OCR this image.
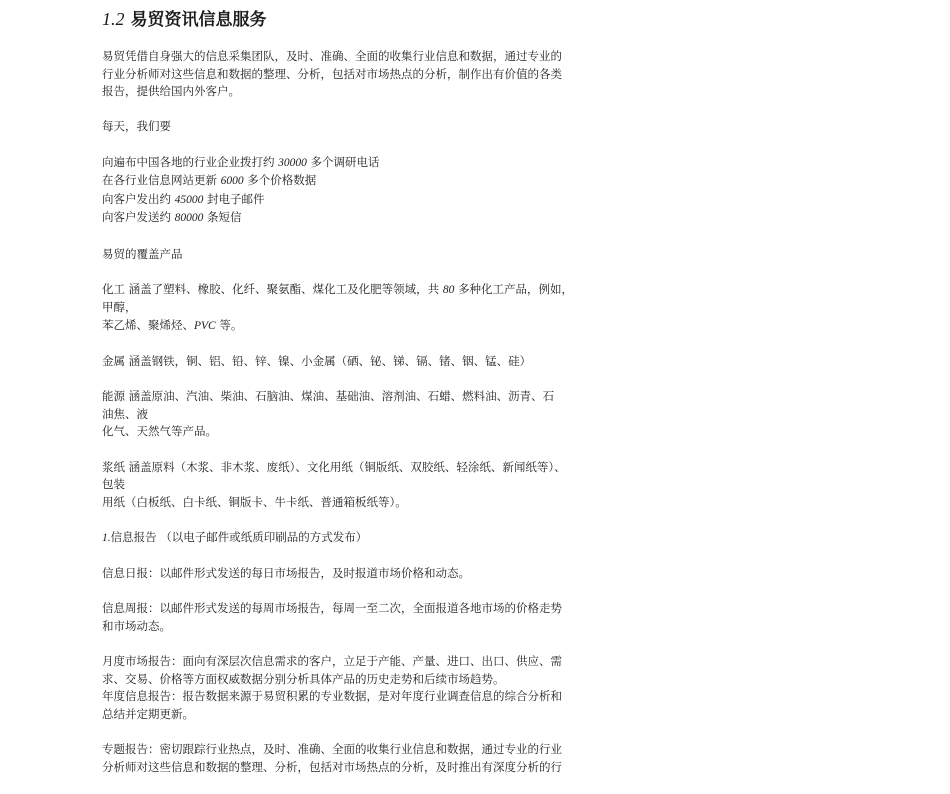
1.2 易贸资讯信息服务
易贸凭借自身强大的信息采集团队，及时、准确、全面的收集行业信息和数据，通过专业的
行业分析师对这些信息和数据的整理、分析，包括对市场热点的分析，制作出有价值的各类
报告，提供给国内外客户。
每天，我们要
向遍布中国各地的行业企业拨打约 30000 多个调研电话
在各行业信息网站更新 6000 多个价格数据
向客户发出约 45000 封电子邮件
向客户发送约 80000 条短信
易贸的覆盖产品
化工 涵盖了塑料、橡胶、化纤、聚氨酯、煤化工及化肥等领域，共 80 多种化工产品，例如，
甲醇，
苯乙烯、聚烯烃、PVC 等。
金属 涵盖钢铁，铜、铝、铅、锌、镍、小金属（硒、铋、锑、镉、锗、铟、锰、硅）
能源 涵盖原油、汽油、柴油、石脑油、煤油、基础油、溶剂油、石蜡、燃料油、沥青、石
油焦、液
化气、天然气等产品。
浆纸 涵盖原料（木浆、非木浆、废纸）、文化用纸（铜版纸、双胶纸、轻涂纸、新闻纸等）、
包装
用纸（白板纸、白卡纸、铜版卡、牛卡纸、普通箱板纸等）。
1.信息报告 （以电子邮件或纸质印刷品的方式发布）
信息日报：以邮件形式发送的每日市场报告，及时报道市场价格和动态。
信息周报：以邮件形式发送的每周市场报告，每周一至二次，全面报道各地市场的价格走势
和市场动态。
月度市场报告：面向有深层次信息需求的客户，立足于产能、产量、进口、出口、供应、需
求、交易、价格等方面权威数据分别分析具体产品的历史走势和后续市场趋势。
年度信息报告：报告数据来源于易贸积累的专业数据，是对年度行业调查信息的综合分析和
总结并定期更新。
专题报告：密切跟踪行业热点，及时、准确、全面的收集行业信息和数据，通过专业的行业
分析师对这些信息和数据的整理、分析，包括对市场热点的分析，及时推出有深度分析的行
